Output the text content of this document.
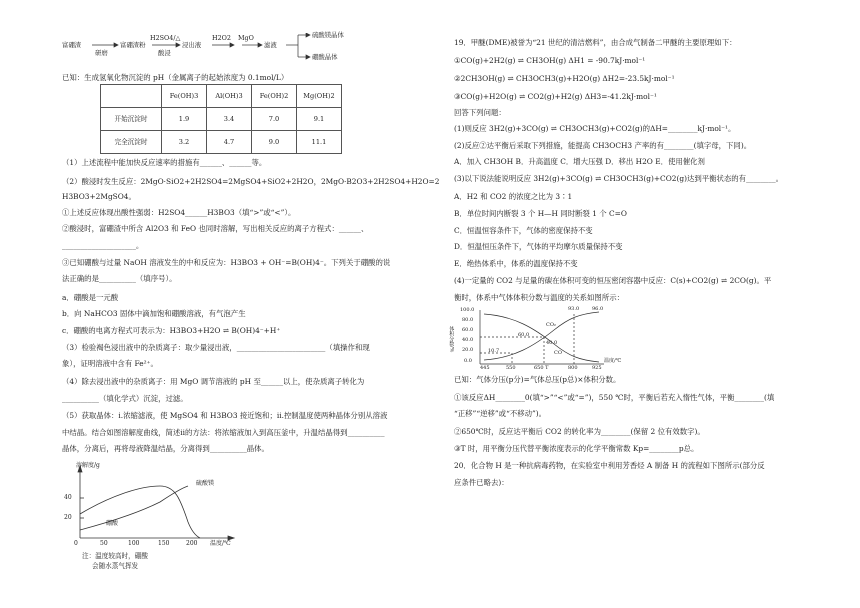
富硼渣
研磨
富硼渣粉
H2SO4/△
酸浸
浸出液
H2O2 MgO
滤液
硫酸镁晶体
硼酸晶体
已知：生成氢氧化物沉淀的 pH（金属离子的起始浓度为 0.1mol/L）
	Fe(OH)3	Al(OH)3	Fe(OH)2	Mg(OH)2
开始沉淀时	1.9	3.4	7.0	9.1
完全沉淀时	3.2	4.7	9.0	11.1
（1）上述流程中能加快反应速率的措施有______、______等。
（2）酸浸时发生反应：2MgO·SiO2+2H2SO4=2MgSO4+SiO2+2H2O，2MgO·B2O3+2H2SO4+H2O=2
H3BO3+2MgSO4。
①上述反应体现出酸性强弱：H2SO4______H3BO3（填“>”或“<”）。
②酸浸时，富硼渣中所含 Al2O3 和 FeO 也同时溶解，写出相关反应的离子方程式：______、
____________________。
③已知硼酸与过量 NaOH 溶液发生的中和反应为：H3BO3 + OH⁻=B(OH)4⁻。下列关于硼酸的说
法正确的是__________（填序号）。
a．硼酸是一元酸
b．向 NaHCO3 固体中滴加饱和硼酸溶液，有气泡产生
c．硼酸的电离方程式可表示为：H3BO3+H2O ⇌ B(OH)4⁻+H⁺
（3）检验褐色浸出液中的杂质离子：取少量浸出液，________________________（填操作和现
象），证明溶液中含有 Fe²⁺。
（4）除去浸出液中的杂质离子：用 MgO 调节溶液的 pH 至______以上，使杂质离子转化为
__________（填化学式）沉淀，过滤。
（5）获取晶体：i.浓缩滤液，使 MgSO4 和 H3BO3 接近饱和；ii.控制温度使两种晶体分别从溶液
中结晶。结合如图溶解度曲线，简述ii的方法：将浓缩液加入到高压釜中，升温结晶得到__________
晶体，分离后，再将母液降温结晶，分离得到__________晶体。
溶解度/g
40
20
0	50	100	150	200 温度/℃
硼酸
硫酸镁
注：温度较高时，硼酸
会随水蒸气挥发
19．甲醚(DME)被誉为“21 世纪的清洁燃料”，由合成气制备二甲醚的主要原理如下：
①CO(g)+2H2(g) ⇌ CH3OH(g) ΔH1 = -90.7kJ·mol⁻¹
②2CH3OH(g) ⇌ CH3OCH3(g)+H2O(g) ΔH2=-23.5kJ·mol⁻¹
③CO(g)+H2O(g) ⇌ CO2(g)+H2(g) ΔH3=-41.2kJ·mol⁻¹
回答下列问题：
(1)则反应 3H2(g)+3CO(g) ⇌ CH3OCH3(g)+CO2(g)的ΔH=________kJ·mol⁻¹。
(2)反应②达平衡后采取下列措施，能提高 CH3OCH3 产率的有________(填字母，下同)。
A．加入 CH3OH B．升高温度 C．增大压强 D．移出 H2O E．使用催化剂
(3)以下说法能说明反应 3H2(g)+3CO(g) ⇌ CH3OCH3(g)+CO2(g)达到平衡状态的有________。
A．H2 和 CO2 的浓度之比为 3∶1
B．单位时间内断裂 3 个 H—H 同时断裂 1 个 C=O
C．恒温恒容条件下，气体的密度保持不变
D．恒温恒压条件下，气体的平均摩尔质量保持不变
E．绝热体系中，体系的温度保持不变
(4)一定量的 CO2 与足量的碳在体积可变的恒压密闭容器中反应：C(s)+CO2(g) ⇌ 2CO(g)。平
衡时，体系中气体体积分数与温度的关系如图所示：
体积分数/%
100.0
80.0
60.0
40.0
20.0
0.0
445	550	650 T	800	925
温度/℃
93.0	96.0
60.0
40.0
10.7
CO₂
CO
已知：气体分压(p分)=气体总压(p总)×体积分数。
①该反应ΔH________0(填“>”“<”或“=”)，550 ℃时，平衡后若充入惰性气体，平衡________(填
“正移”“逆移”或“不移动”)。
②650℃时，反应达平衡后 CO2 的转化率为________(保留 2 位有效数字)。
③T 时，用平衡分压代替平衡浓度表示的化学平衡常数 Kp=________p总。
20．化合物 H 是一种抗病毒药物，在实验室中利用芳香烃 A 制备 H 的流程如下图所示(部分反
应条件已略去)：
